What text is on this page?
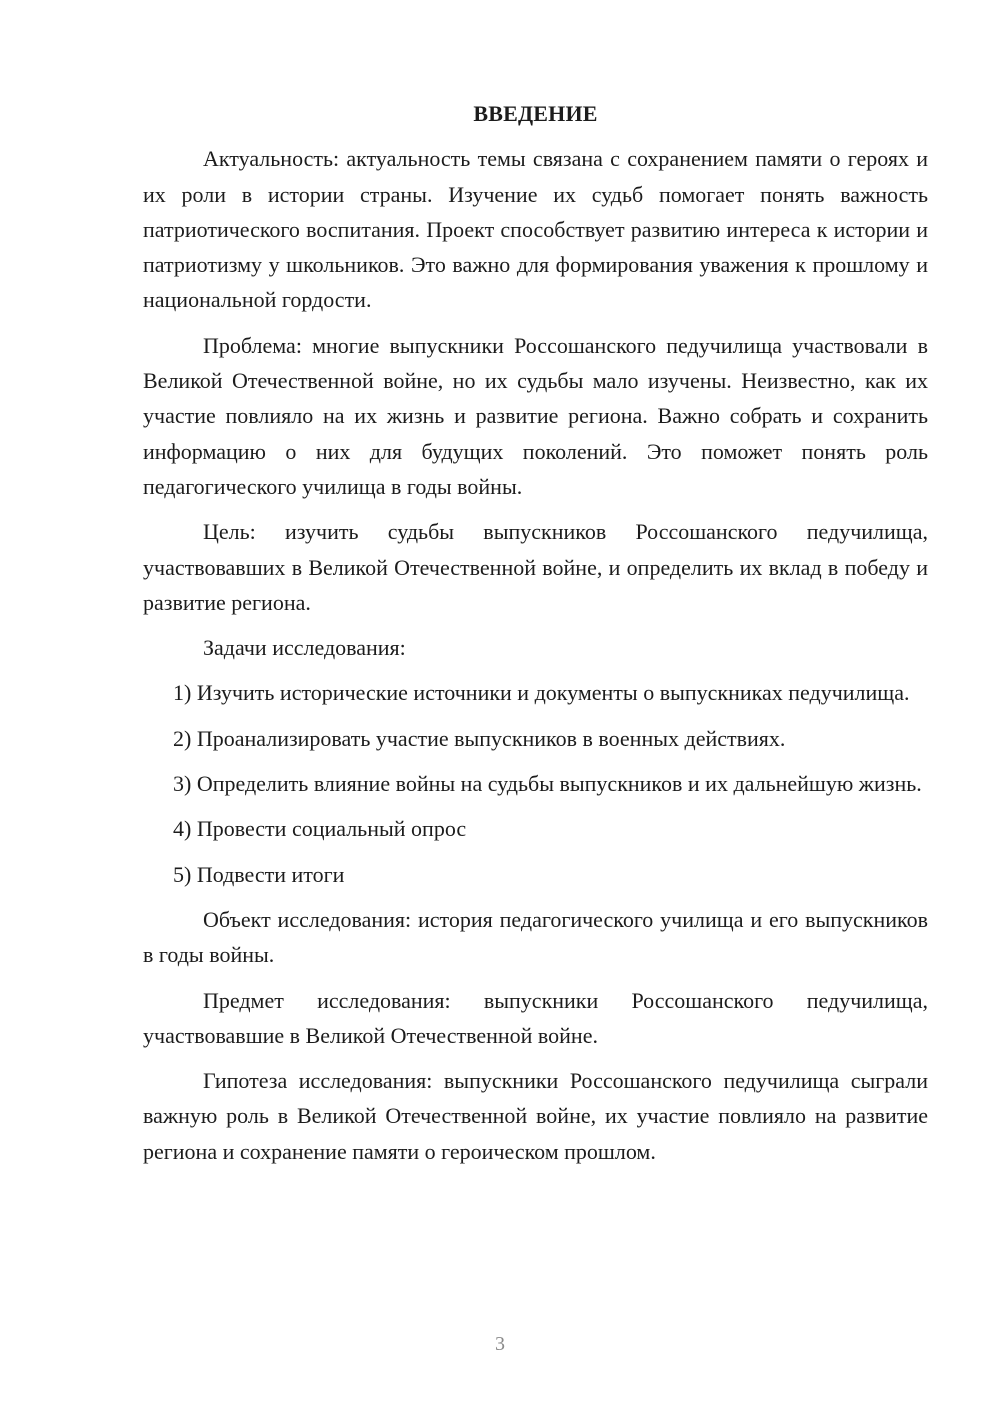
ВВЕДЕНИЕ

Актуальность: актуальность темы связана с сохранением памяти о героях и их роли в истории страны. Изучение их судьб помогает понять важность патриотического воспитания. Проект способствует развитию интереса к истории и патриотизму у школьников. Это важно для формирования уважения к прошлому и национальной гордости.

Проблема: многие выпускники Россошанского педучилища участвовали в Великой Отечественной войне, но их судьбы мало изучены. Неизвестно, как их участие повлияло на их жизнь и развитие региона. Важно собрать и сохранить информацию о них для будущих поколений. Это поможет понять роль педагогического училища в годы войны.

Цель: изучить судьбы выпускников Россошанского педучилища, участвовавших в Великой Отечественной войне, и определить их вклад в победу и развитие региона.

Задачи исследования:

1) Изучить исторические источники и документы о выпускниках педучилища.

2) Проанализировать участие выпускников в военных действиях.

3) Определить влияние войны на судьбы выпускников и их дальнейшую жизнь.

4) Провести социальный опрос

5) Подвести итоги

Объект исследования: история педагогического училища и его выпускников в годы войны.

Предмет исследования: выпускники Россошанского педучилища, участвовавшие в Великой Отечественной войне.

Гипотеза исследования: выпускники Россошанского педучилища сыграли важную роль в Великой Отечественной войне, их участие повлияло на развитие региона и сохранение памяти о героическом прошлом.

3
